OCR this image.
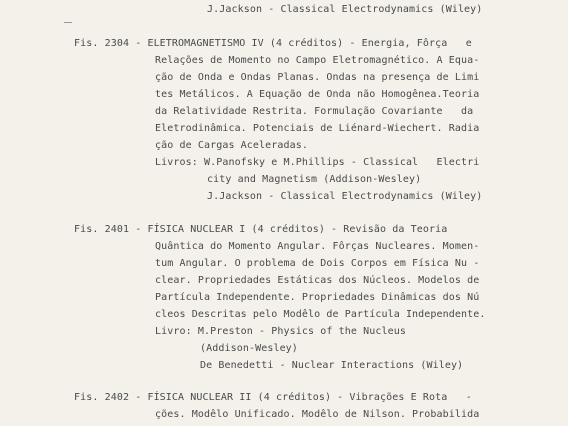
J.Jackson - Classical Electrodynamics (Wiley)
Fis. 2304 - ELETROMAGNETISMO IV (4 créditos) - Energia, Fôrça   e
Relações de Momento no Campo Eletromagnético. A Equa-
ção de Onda e Ondas Planas. Ondas na presença de Limi
tes Metálicos. A Equação de Onda não Homogênea.Teoria
da Relatividade Restrita. Formulação Covariante   da
Eletrodinâmica. Potenciais de Liénard-Wiechert. Radia
ção de Cargas Aceleradas.
Livros: W.Panofsky e M.Phillips - Classical   Electri
city and Magnetism (Addison-Wesley)
J.Jackson - Classical Electrodynamics (Wiley)
Fis. 2401 - FÍSICA NUCLEAR I (4 créditos) - Revisão da Teoria
Quântica do Momento Angular. Fôrças Nucleares. Momen-
tum Angular. O problema de Dois Corpos em Física Nu -
clear. Propriedades Estáticas dos Núcleos. Modelos de
Partícula Independente. Propriedades Dinâmicas dos Nú
cleos Descritas pelo Modêlo de Partícula Independente.
Livro: M.Preston - Physics of the Nucleus
(Addison-Wesley)
De Benedetti - Nuclear Interactions (Wiley)
Fis. 2402 - FÍSICA NUCLEAR II (4 créditos) - Vibrações E Rota   -
ções. Modêlo Unificado. Modêlo de Nilson. Probabilida
